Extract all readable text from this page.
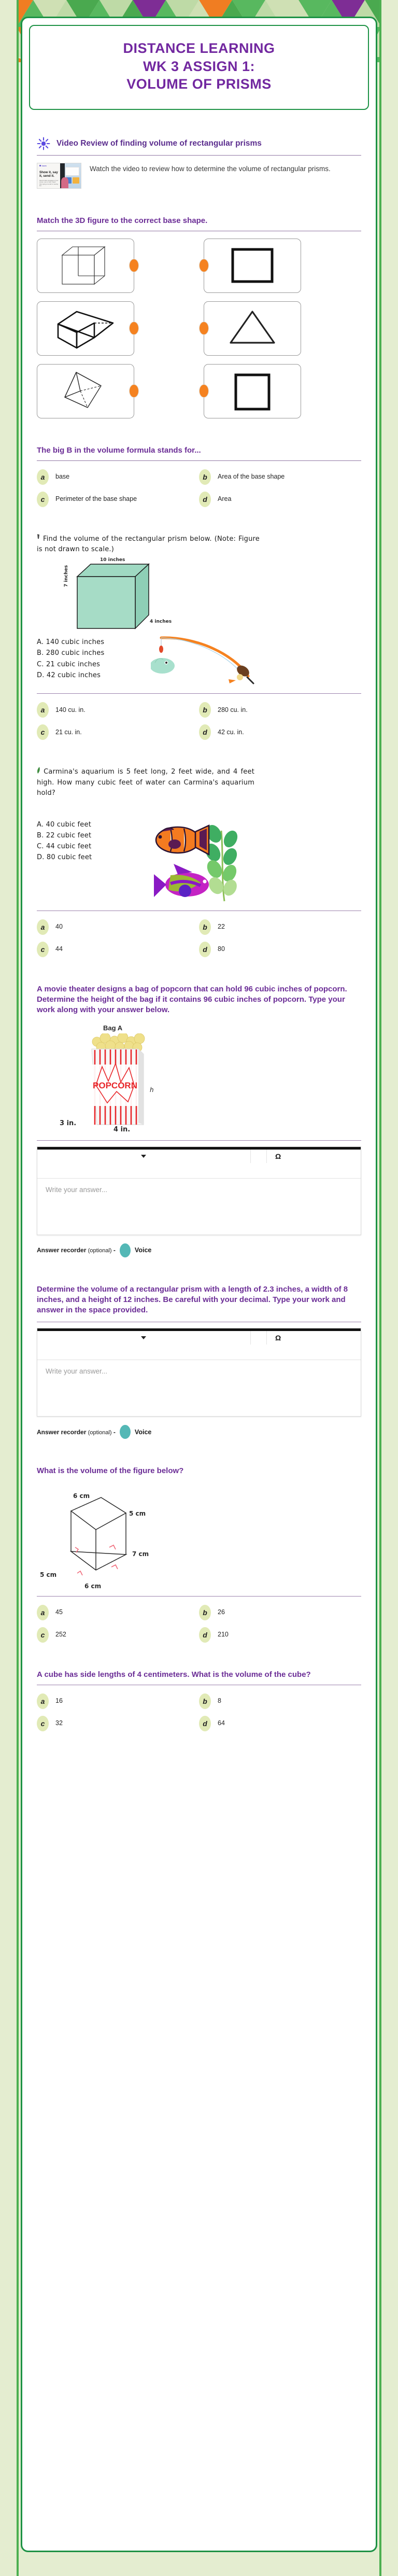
DISTANCE LEARNING
WK 3 ASSIGN 1:
VOLUME OF PRISMS
Video Review of finding volume of rectangular prisms
loom
Show it, say it, send it.
Record video messages of your screen, cam or both. Faster than typing an email or meeting live.
Watch the video to review how to determine the volume of rectangular prisms.
Match the 3D figure to the correct base shape.
The big B in the volume formula stands for...
a	base	b	Area of the base shape
c	Perimeter of the base shape	d	Area
Find the volume of the rectangular prism below. (Note: Figure is not drawn to scale.)
10 inches
7 inches
4 inches
A. 140 cubic inches
B. 280 cubic inches
C. 21 cubic inches
D. 42 cubic inches
a	140 cu. in.	b	280 cu. in.
c	21 cu. in.	d	42 cu. in.
Carmina's aquarium is 5 feet long, 2 feet wide, and 4 feet high. How many cubic feet of water can Carmina's aquarium hold?
A. 40 cubic feet
B. 22 cubic feet
C. 44 cubic feet
D. 80 cubic feet
a	40	b	22
c	44	d	80
A movie theater designs a bag of popcorn that can hold 96 cubic inches of popcorn. Determine the height of the bag if it contains 96 cubic inches of popcorn. Type your work along with your answer below.
Bag A
POPCORN h
3 in.
4 in.
Ω
Write your answer...
Answer recorder (optional) -	Voice
Determine the volume of a rectangular prism with a length of 2.3 inches, a width of 8 inches, and a height of 12 inches. Be careful with your decimal. Type your work and answer in the space provided.
Ω
Write your answer...
Answer recorder (optional) -	Voice
What is the volume of the figure below?
6 cm
5 cm
7 cm
5 cm
6 cm
a	45	b	26
c	252	d	210
A cube has side lengths of 4 centimeters. What is the volume of the cube?
a	16	b	8
c	32	d	64
